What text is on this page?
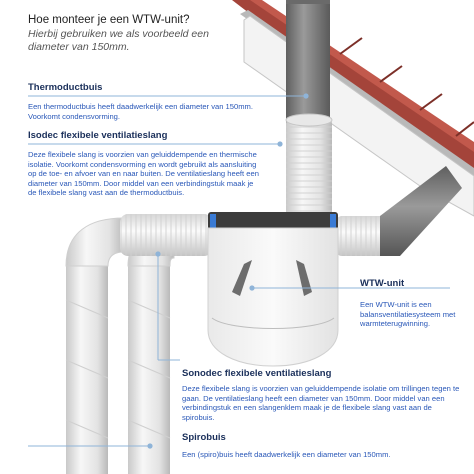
Hoe monteer je een WTW-unit?
Hierbij gebruiken we als voorbeeld een diameter van 150mm.
Thermoductbuis
Een thermoductbuis heeft daadwerkelijk een diameter van 150mm. Voorkomt condensvorming.
Isodec flexibele ventilatieslang
Deze flexibele slang is voorzien van geluiddempende en thermische isolatie. Voorkomt condensvorming en wordt gebruikt als aansluiting op de toe- en afvoer van en naar buiten. De ventilatieslang heeft een diameter van 150mm. Door middel van een verbindingstuk maak je de flexibele slang vast aan de thermoductbuis.
WTW-unit
Een WTW-unit is een balansventilatiesysteem met warmteterugwinning.
Sonodec flexibele ventilatieslang
Deze flexibele slang is voorzien van geluiddempende isolatie om trillingen tegen te gaan. De ventilatieslang heeft een diameter van 150mm. Door middel van een verbindingstuk en een slangenklem maak je de flexibele slang vast aan de spirobuis.
Spirobuis
Een (spiro)buis heeft daadwerkelijk een diameter van 150mm.
